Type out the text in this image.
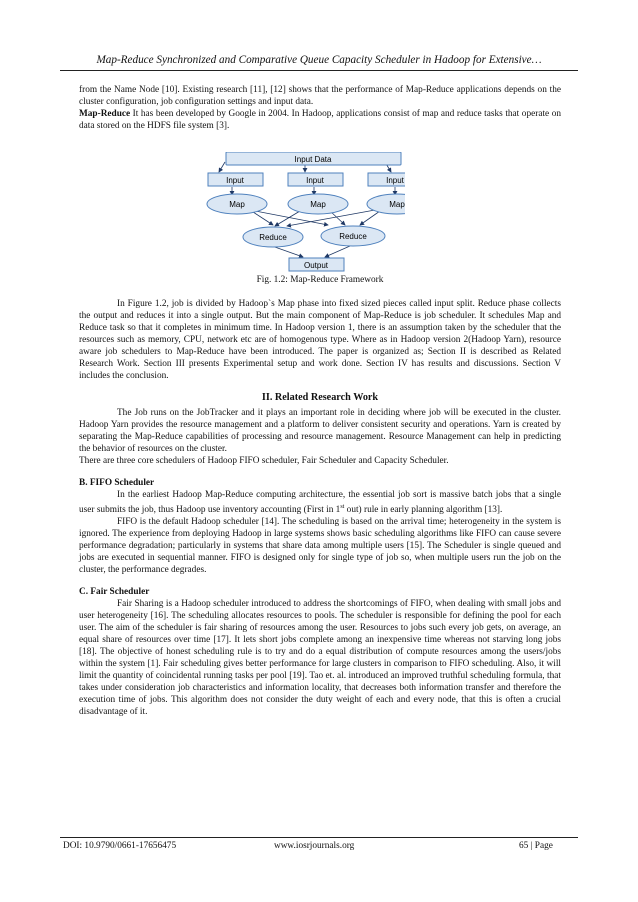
Map-Reduce Synchronized and Comparative Queue Capacity Scheduler in Hadoop for Extensive…

from the Name Node [10]. Existing research [11], [12] shows that the performance of Map-Reduce applications depends on the cluster configuration, job configuration settings and input data.

Map-Reduce It has been developed by Google in 2004. In Hadoop, applications consist of map and reduce tasks that operate on data stored on the HDFS file system [3].

Input Data
Input	Input	Input
Map	Map	Map
Reduce	Reduce
Output
Fig. 1.2: Map-Reduce Framework

In Figure 1.2, job is divided by Hadoop`s Map phase into fixed sized pieces called input split. Reduce phase collects the output and reduces it into a single output. But the main component of Map-Reduce is job scheduler. It schedules Map and Reduce task so that it completes in minimum time. In Hadoop version 1, there is an assumption taken by the scheduler that the resources such as memory, CPU, network etc are of homogenous type. Where as in Hadoop version 2(Hadoop Yarn), resource aware job schedulers to Map-Reduce have been introduced. The paper is organized as; Section II is described as Related Research Work. Section III presents Experimental setup and work done. Section IV has results and discussions. Section V includes the conclusion.

II. Related Research Work

The Job runs on the JobTracker and it plays an important role in deciding where job will be executed in the cluster. Hadoop Yarn provides the resource management and a platform to deliver consistent security and operations. Yarn is created by separating the Map-Reduce capabilities of processing and resource management. Resource Management can help in predicting the behavior of resources on the cluster.

There are three core schedulers of Hadoop FIFO scheduler, Fair Scheduler and Capacity Scheduler.

B. FIFO Scheduler

In the earliest Hadoop Map-Reduce computing architecture, the essential job sort is massive batch jobs that a single user submits the job, thus Hadoop use inventory accounting (First in 1st out) rule in early planning algorithm [13].

FIFO is the default Hadoop scheduler [14]. The scheduling is based on the arrival time; heterogeneity in the system is ignored. The experience from deploying Hadoop in large systems shows basic scheduling algorithms like FIFO can cause severe performance degradation; particularly in systems that share data among multiple users [15]. The Scheduler is single queued and jobs are executed in sequential manner. FIFO is designed only for single type of job so, when multiple users run the job on the cluster, the performance degrades.

C. Fair Scheduler

Fair Sharing is a Hadoop scheduler introduced to address the shortcomings of FIFO, when dealing with small jobs and user heterogeneity [16]. The scheduling allocates resources to pools. The scheduler is responsible for defining the pool for each user. The aim of the scheduler is fair sharing of resources among the user. Resources to jobs such every job gets, on average, an equal share of resources over time [17]. It lets short jobs complete among an inexpensive time whereas not starving long jobs [18]. The objective of honest scheduling rule is to try and do a equal distribution of compute resources among the users/jobs within the system [1]. Fair scheduling gives better performance for large clusters in comparison to FIFO scheduling. Also, it will limit the quantity of coincidental running tasks per pool [19]. Tao et. al. introduced an improved truthful scheduling formula, that takes under consideration job characteristics and information locality, that decreases both information transfer and therefore the execution time of jobs. This algorithm does not consider the duty weight of each and every node, that this is often a crucial disadvantage of it.

DOI: 10.9790/0661-17656475	www.iosrjournals.org	65 | Page
